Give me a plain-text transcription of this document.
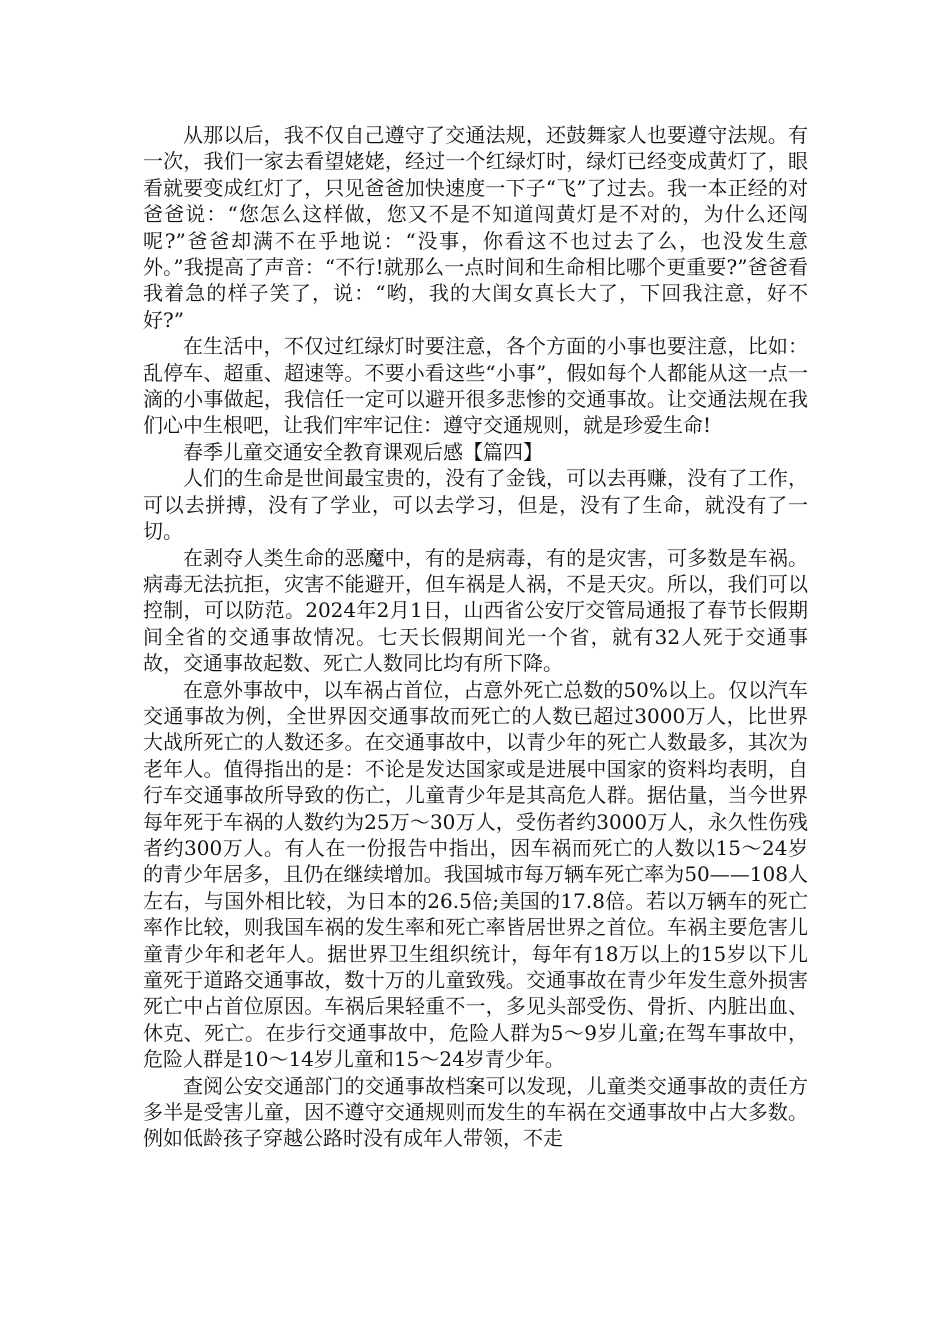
从那以后，我不仅自己遵守了交通法规，还鼓舞家人也要遵守法规。有一次，我们一家去看望姥姥，经过一个红绿灯时，绿灯已经变成黄灯了，眼看就要变成红灯了，只见爸爸加快速度一下子“飞”了过去。我一本正经的对爸爸说：“您怎么这样做，您又不是不知道闯黄灯是不对的，为什么还闯呢?”爸爸却满不在乎地说：“没事，你看这不也过去了么，也没发生意外。”我提高了声音：“不行!就那么一点时间和生命相比哪个更重要?”爸爸看我着急的样子笑了，说：“哟，我的大闺女真长大了，下回我注意，好不好?”

在生活中，不仅过红绿灯时要注意，各个方面的小事也要注意，比如：乱停车、超重、超速等。不要小看这些“小事”，假如每个人都能从这一点一滴的小事做起，我信任一定可以避开很多悲惨的交通事故。让交通法规在我们心中生根吧，让我们牢牢记住：遵守交通规则，就是珍爱生命!

春季儿童交通安全教育课观后感【篇四】

人们的生命是世间最宝贵的，没有了金钱，可以去再赚，没有了工作，可以去拼搏，没有了学业，可以去学习，但是，没有了生命，就没有了一切。

在剥夺人类生命的恶魔中，有的是病毒，有的是灾害，可多数是车祸。病毒无法抗拒，灾害不能避开，但车祸是人祸，不是天灾。所以，我们可以控制，可以防范。2024年2月1日，山西省公安厅交管局通报了春节长假期间全省的交通事故情况。七天长假期间光一个省，就有32人死于交通事故，交通事故起数、死亡人数同比均有所下降。

在意外事故中，以车祸占首位，占意外死亡总数的50%以上。仅以汽车交通事故为例，全世界因交通事故而死亡的人数已超过3000万人，比世界大战所死亡的人数还多。在交通事故中，以青少年的死亡人数最多，其次为老年人。值得指出的是：不论是发达国家或是进展中国家的资料均表明，自行车交通事故所导致的伤亡，儿童青少年是其高危人群。据估量，当今世界每年死于车祸的人数约为25万～30万人，受伤者约3000万人，永久性伤残者约300万人。有人在一份报告中指出，因车祸而死亡的人数以15～24岁的青少年居多，且仍在继续增加。我国城市每万辆车死亡率为50——108人左右，与国外相比较，为日本的26.5倍;美国的17.8倍。若以万辆车的死亡率作比较，则我国车祸的发生率和死亡率皆居世界之首位。车祸主要危害儿童青少年和老年人。据世界卫生组织统计，每年有18万以上的15岁以下儿童死于道路交通事故，数十万的儿童致残。交通事故在青少年发生意外损害死亡中占首位原因。车祸后果轻重不一，多见头部受伤、骨折、内脏出血、休克、死亡。在步行交通事故中，危险人群为5～9岁儿童;在驾车事故中，危险人群是10～14岁儿童和15～24岁青少年。

查阅公安交通部门的交通事故档案可以发现，儿童类交通事故的责任方多半是受害儿童，因不遵守交通规则而发生的车祸在交通事故中占大多数。例如低龄孩子穿越公路时没有成年人带领，不走
